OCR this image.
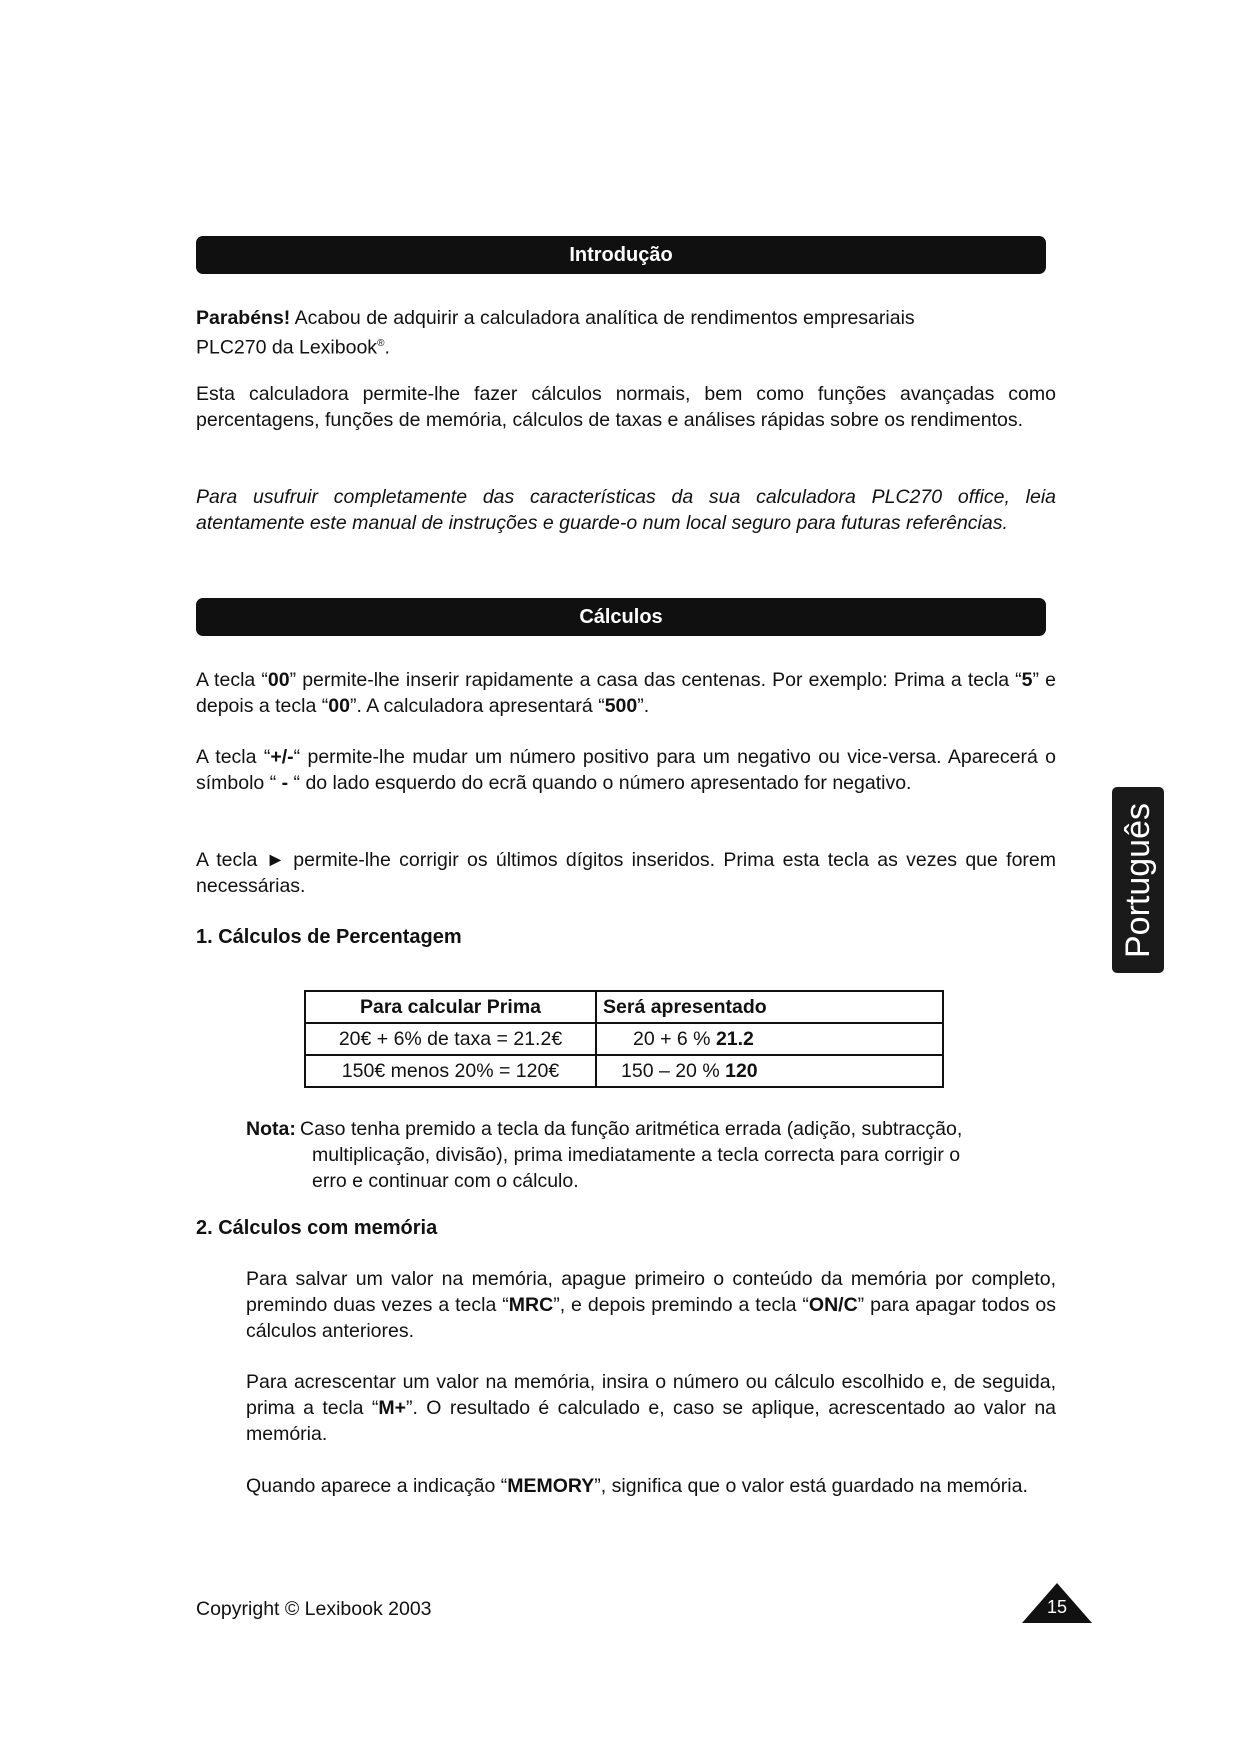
Introdução
Parabéns! Acabou de adquirir a calculadora analítica de rendimentos empresariais
PLC270 da Lexibook®.
Esta calculadora permite-lhe fazer cálculos normais, bem como funções avançadas como percentagens, funções de memória, cálculos de taxas e análises rápidas sobre os rendimentos.
Para usufruir completamente das características da sua calculadora PLC270 office, leia atentamente este manual de instruções e guarde-o num local seguro para futuras referências.
Cálculos
A tecla “00” permite-lhe inserir rapidamente a casa das centenas. Por exemplo: Prima a tecla “5” e depois a tecla “00”. A calculadora apresentará “500”.
A tecla “+/-“ permite-lhe mudar um número positivo para um negativo ou vice-versa. Aparecerá o símbolo “ - “ do lado esquerdo do ecrã quando o número apresentado for negativo.
A tecla ► permite-lhe corrigir os últimos dígitos inseridos. Prima esta tecla as vezes que forem necessárias.
1. Cálculos de Percentagem
Para calcular Prima	Será apresentado
20€ + 6% de taxa = 21.2€	20 + 6 % 21.2
150€ menos 20% = 120€	150 – 20 % 120
Nota: Caso tenha premido a tecla da função aritmética errada (adição, subtracção,
multiplicação, divisão), prima imediatamente a tecla correcta para corrigir o
erro e continuar com o cálculo.
2. Cálculos com memória
Para salvar um valor na memória, apague primeiro o conteúdo da memória por completo, premindo duas vezes a tecla “MRC”, e depois premindo a tecla “ON/C” para apagar todos os cálculos anteriores.
Para acrescentar um valor na memória, insira o número ou cálculo escolhido e, de seguida, prima a tecla “M+”. O resultado é calculado e, caso se aplique, acrescentado ao valor na memória.
Quando aparece a indicação “MEMORY”, significa que o valor está guardado na memória.
Português
Copyright © Lexibook 2003	15
